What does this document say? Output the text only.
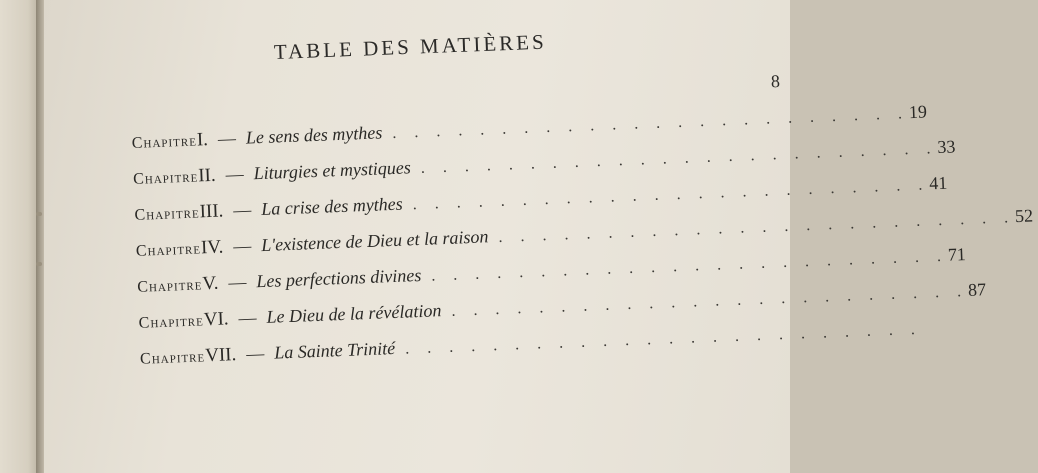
TABLE DES MATIÈRES
8
Chapitre I. — Le sens des mythes . . . . . . . . . . . . . . . . . . . . . . . . 19
Chapitre II. — Liturgies et mystiques . . . . . . . . . . . . . . . . . . . . . . . . 33
Chapitre III. — La crise des mythes . . . . . . . . . . . . . . . . . . . . . . . . 41
Chapitre IV. — L'existence de Dieu et la raison . . . . . . . . . . . . . . . . . . . . . . . . 52
Chapitre V. — Les perfections divines . . . . . . . . . . . . . . . . . . . . . . . . 71
Chapitre VI. — Le Dieu de la révélation . . . . . . . . . . . . . . . . . . . . . . . . 87
Chapitre VII. — La Sainte Trinité . . . . . . . . . . . . . . . . . . . . . . . .
